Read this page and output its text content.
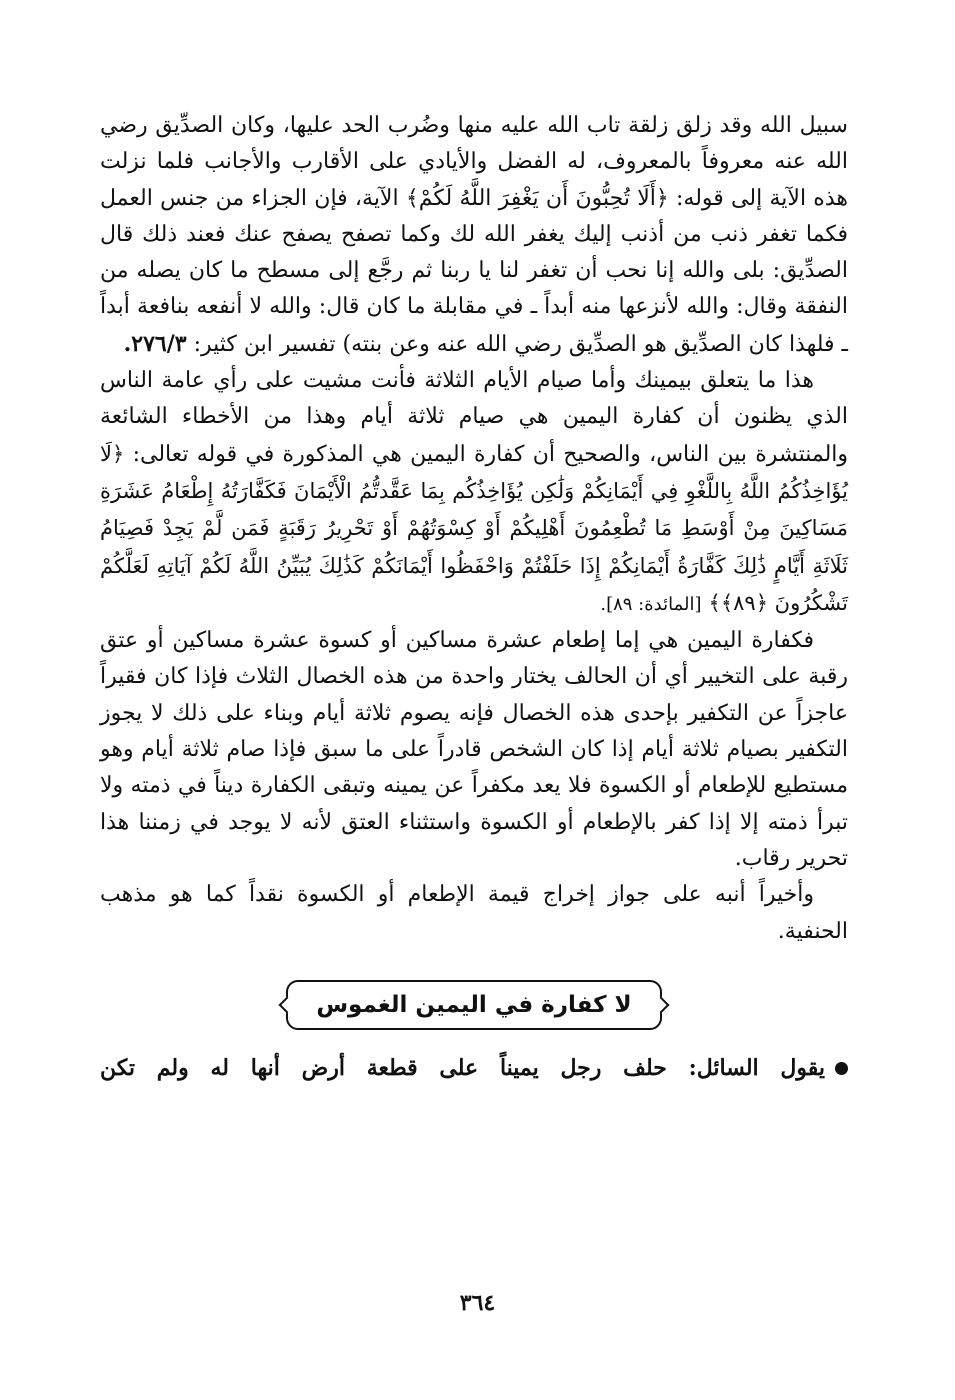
سبيل الله وقد زلق زلقة تاب الله عليه منها وضُرب الحد عليها، وكان الصدِّيق رضي الله عنه معروفاً بالمعروف، له الفضل والأيادي على الأقارب والأجانب فلما نزلت هذه الآية إلى قوله: ﴿أَلَا تُحِبُّونَ أَن يَغْفِرَ اللَّهُ لَكُمْ﴾ الآية، فإن الجزاء من جنس العمل فكما تغفر ذنب من أذنب إليك يغفر الله لك وكما تصفح يصفح عنك فعند ذلك قال الصدِّيق: بلى والله إنا نحب أن تغفر لنا يا ربنا ثم رجَّع إلى مسطح ما كان يصله من النفقة وقال: والله لأنزعها منه أبداً ـ في مقابلة ما كان قال: والله لا أنفعه بنافعة أبداً ـ فلهذا كان الصدِّيق هو الصدِّيق رضي الله عنه وعن بنته) تفسير ابن كثير: ٢٧٦/٣.

هذا ما يتعلق بيمينك وأما صيام الأيام الثلاثة فأنت مشيت على رأي عامة الناس الذي يظنون أن كفارة اليمين هي صيام ثلاثة أيام وهذا من الأخطاء الشائعة والمنتشرة بين الناس، والصحيح أن كفارة اليمين هي المذكورة في قوله تعالى: ﴿لَا يُؤَاخِذُكُمُ اللَّهُ بِاللَّغْوِ فِي أَيْمَانِكُمْ وَلَٰكِن يُؤَاخِذُكُم بِمَا عَقَّدتُّمُ الْأَيْمَانَ فَكَفَّارَتُهُ إِطْعَامُ عَشَرَةِ مَسَاكِينَ مِنْ أَوْسَطِ مَا تُطْعِمُونَ أَهْلِيكُمْ أَوْ كِسْوَتُهُمْ أَوْ تَحْرِيرُ رَقَبَةٍ فَمَن لَّمْ يَجِدْ فَصِيَامُ ثَلَاثَةِ أَيَّامٍ ذَٰلِكَ كَفَّارَةُ أَيْمَانِكُمْ إِذَا حَلَفْتُمْ وَاحْفَظُوا أَيْمَانَكُمْ كَذَٰلِكَ يُبَيِّنُ اللَّهُ لَكُمْ آيَاتِهِ لَعَلَّكُمْ تَشْكُرُونَ ﴿٨٩﴾﴾ [المائدة: ٨٩].

فكفارة اليمين هي إما إطعام عشرة مساكين أو كسوة عشرة مساكين أو عتق رقبة على التخيير أي أن الحالف يختار واحدة من هذه الخصال الثلاث فإذا كان فقيراً عاجزاً عن التكفير بإحدى هذه الخصال فإنه يصوم ثلاثة أيام وبناء على ذلك لا يجوز التكفير بصيام ثلاثة أيام إذا كان الشخص قادراً على ما سبق فإذا صام ثلاثة أيام وهو مستطيع للإطعام أو الكسوة فلا يعد مكفراً عن يمينه وتبقى الكفارة ديناً في ذمته ولا تبرأ ذمته إلا إذا كفر بالإطعام أو الكسوة واستثناء العتق لأنه لا يوجد في زمننا هذا تحرير رقاب.

وأخيراً أنبه على جواز إخراج قيمة الإطعام أو الكسوة نقداً كما هو مذهب الحنفية.

لا كفارة في اليمين الغموس

يقول السائل: حلف رجل يميناً على قطعة أرض أنها له ولم تكن

٣٦٤
